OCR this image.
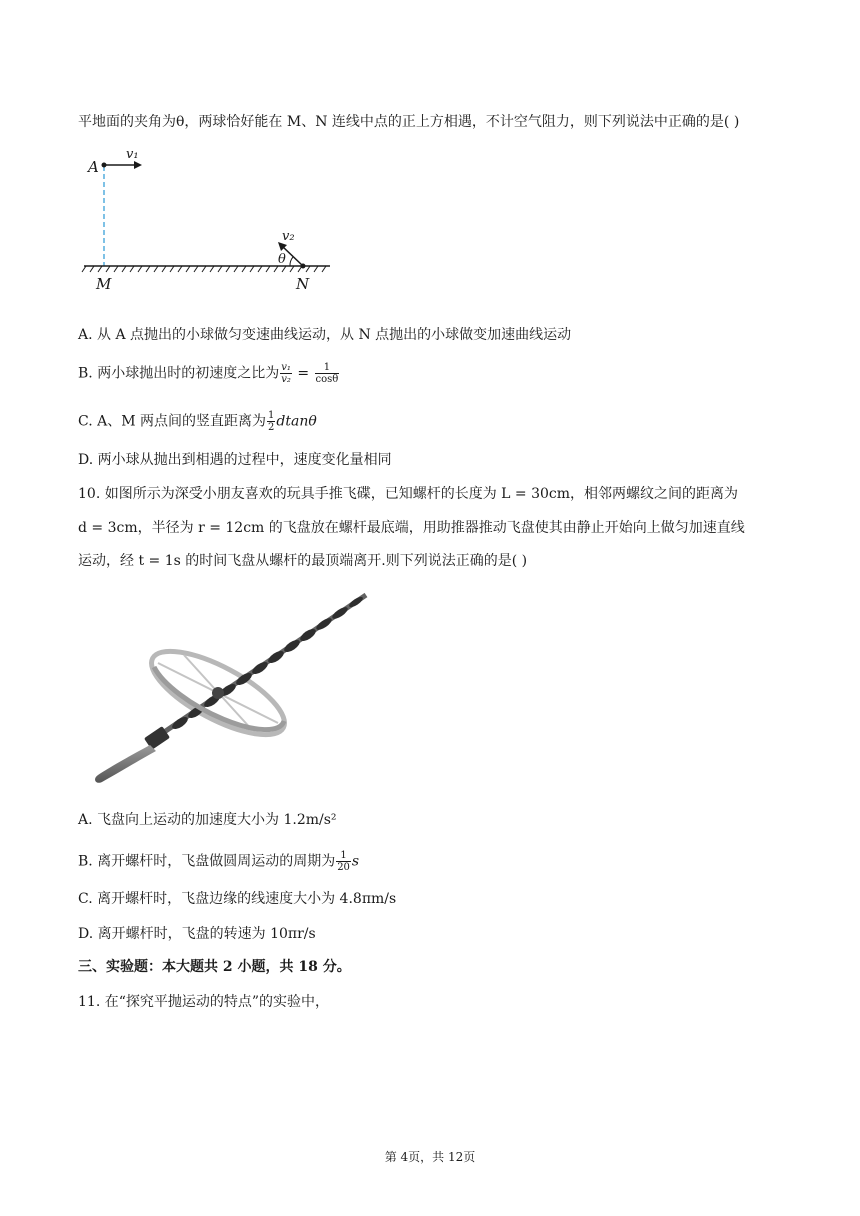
平地面的夹角为θ，两球恰好能在 M、N 连线中点的正上方相遇，不计空气阻力，则下列说法中正确的是( )
A
v₁
v₂
θ
M	N
A. 从 A 点抛出的小球做匀变速曲线运动，从 N 点抛出的小球做变加速曲线运动
B. 两小球抛出时的初速度之比为 $\frac{\text{v₁}}{\text{v₂}} = \frac{1}{\cos\theta}$
C. A、M 两点间的竖直距离为 $\frac{1}{2}$ dtanθ
D. 两小球从抛出到相遇的过程中，速度变化量相同
10. 如图所示为深受小朋友喜欢的玩具手推飞碟，已知螺杆的长度为 L = 30cm，相邻两螺纹之间的距离为
d = 3cm，半径为 r = 12cm 的飞盘放在螺杆最底端，用助推器推动飞盘使其由静止开始向上做匀加速直线
运动，经 t = 1s 的时间飞盘从螺杆的最顶端离开.则下列说法正确的是( )
A. 飞盘向上运动的加速度大小为 1.2m/s²
B. 离开螺杆时，飞盘做圆周运动的周期为 $\frac{1}{20}$ s
C. 离开螺杆时，飞盘边缘的线速度大小为 4.8πm/s
D. 离开螺杆时，飞盘的转速为 10πr/s
三、实验题：本大题共 2 小题，共 18 分。
11. 在“探究平抛运动的特点”的实验中，
第 4页，共 12页
